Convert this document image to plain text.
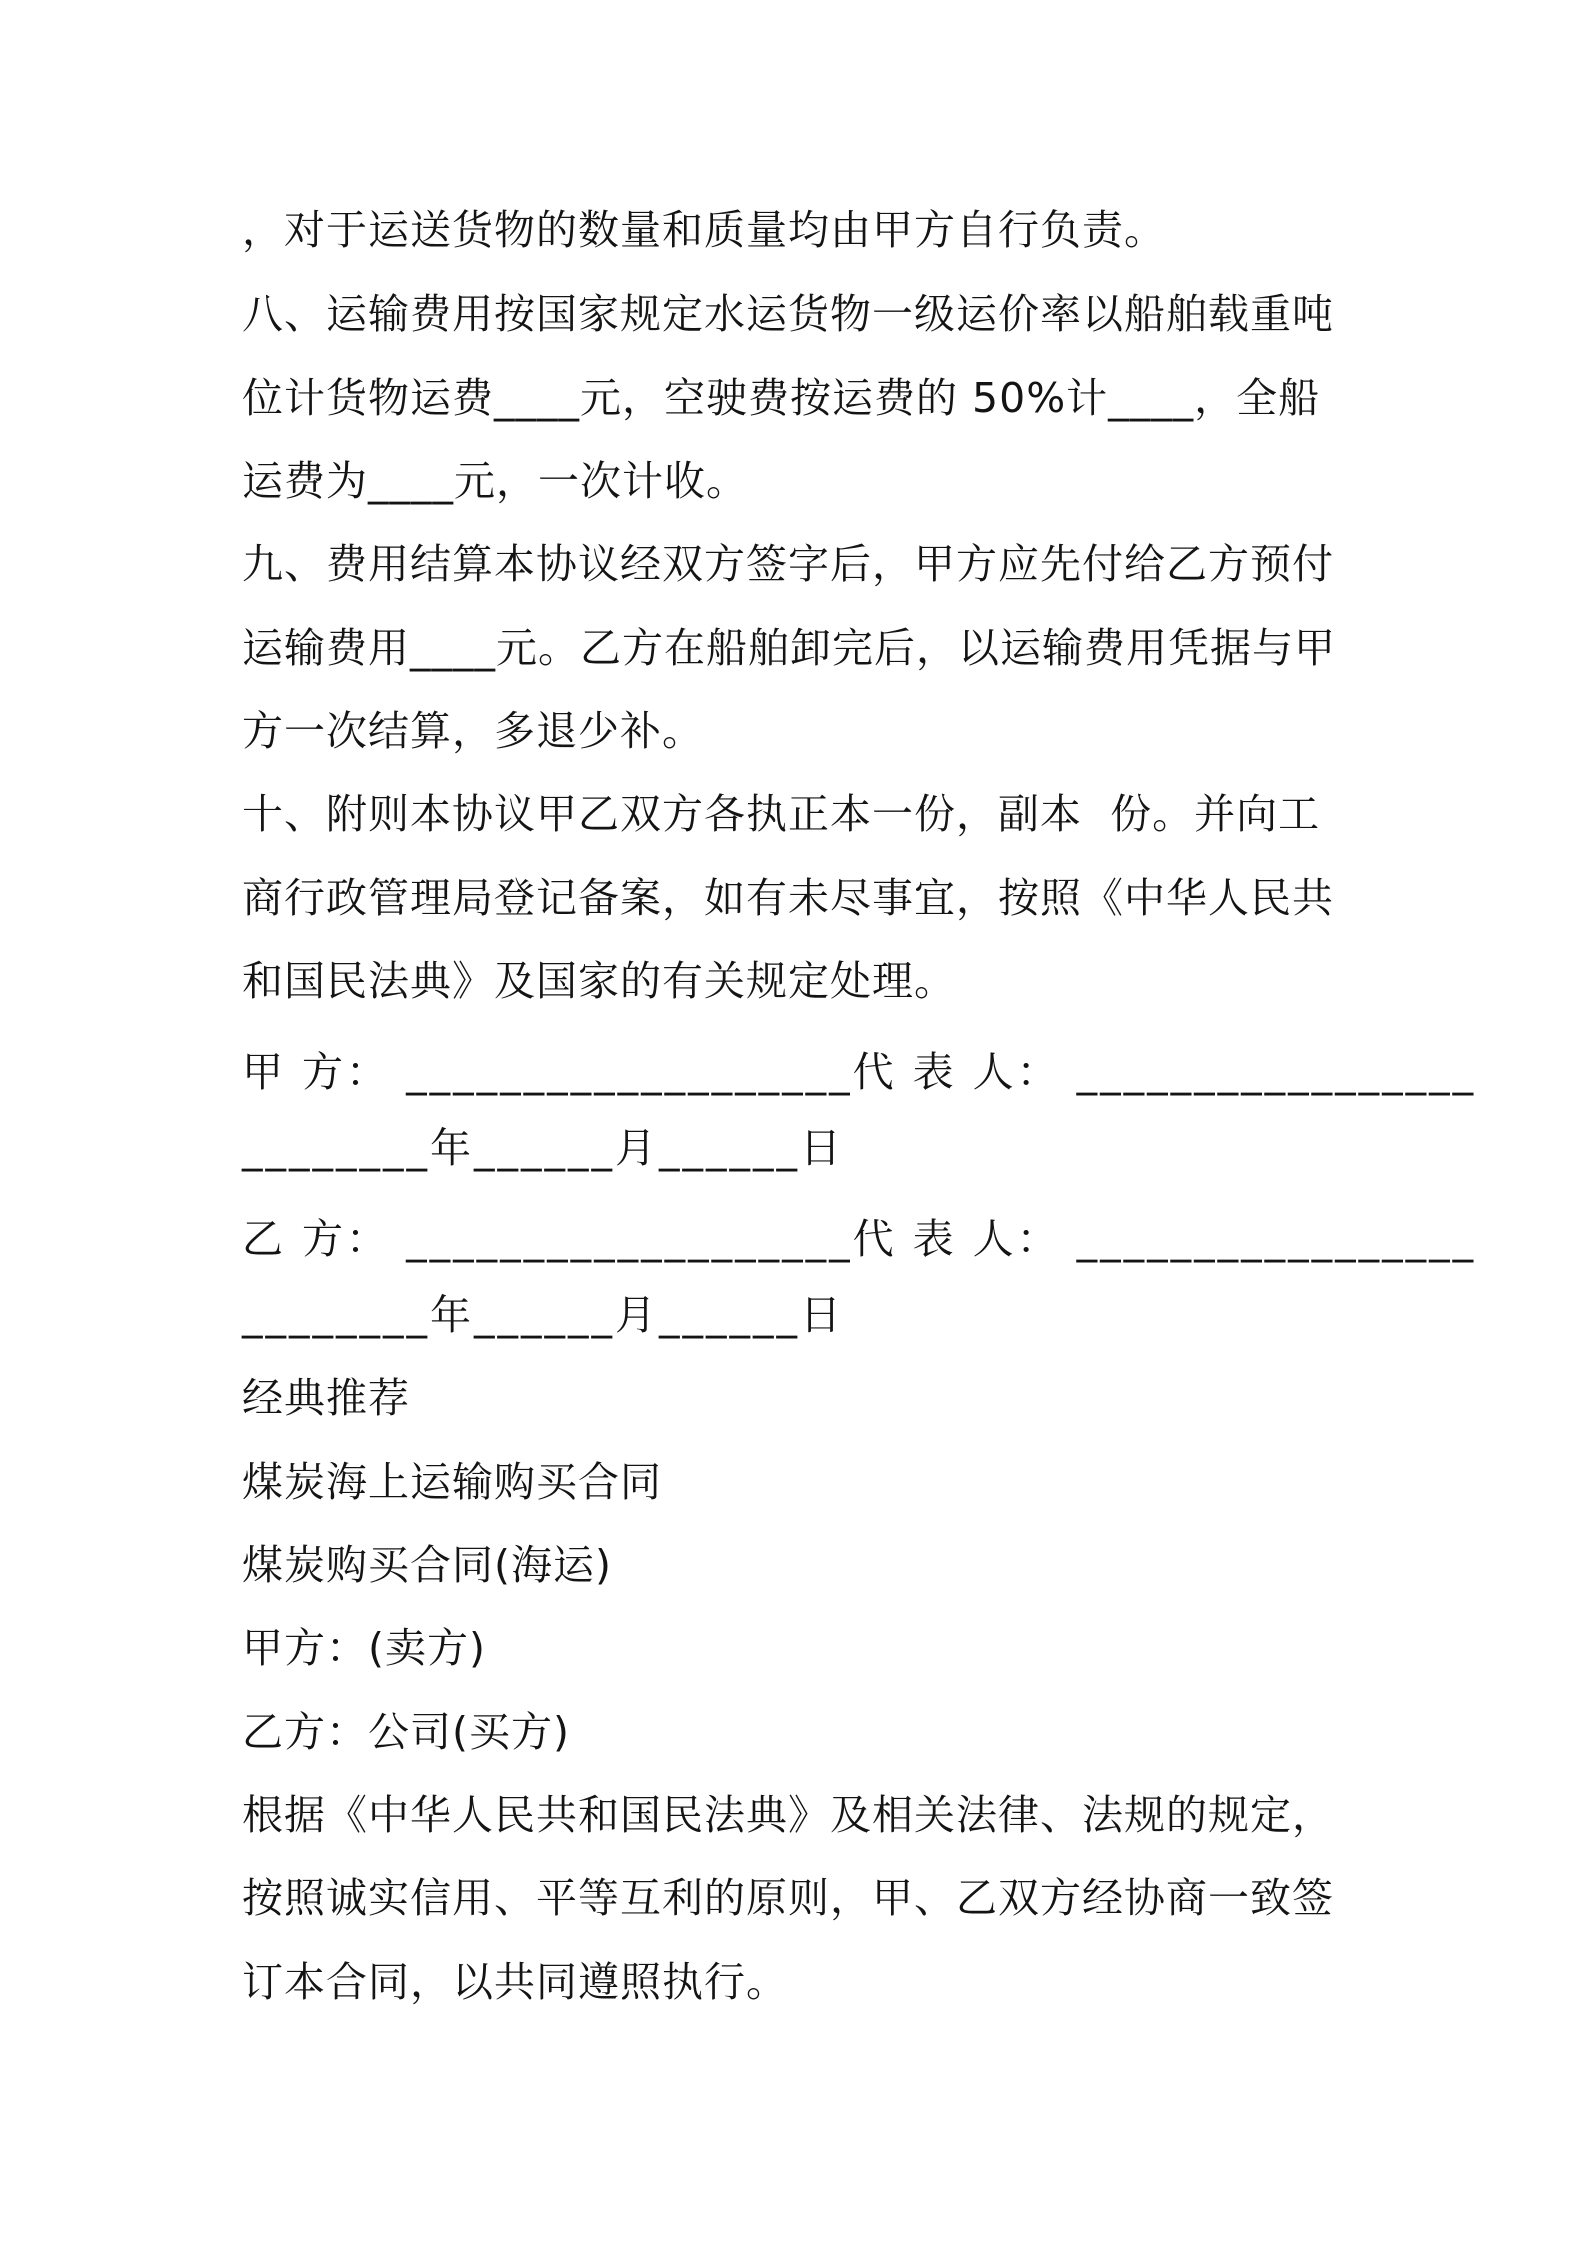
，对于运送货物的数量和质量均由甲方自行负责。
八、运输费用按国家规定水运货物一级运价率以船舶载重吨
位计货物运费____元，空驶费按运费的 50%计____，全船
运费为____元，一次计收。
九、费用结算本协议经双方签字后，甲方应先付给乙方预付
运输费用____元。乙方在船舶卸完后，以运输费用凭据与甲
方一次结算，多退少补。
十、附则本协议甲乙双方各执正本一份，副本  份。并向工
商行政管理局登记备案，如有未尽事宜，按照《中华人民共
和国民法典》及国家的有关规定处理。
甲 方： ___________________代 表 人： _________________
________年______月______日
乙 方： ___________________代 表 人： _________________
________年______月______日
经典推荐
煤炭海上运输购买合同
煤炭购买合同(海运)
甲方：(卖方)
乙方：公司(买方)
根据《中华人民共和国民法典》及相关法律、法规的规定，
按照诚实信用、平等互利的原则，甲、乙双方经协商一致签
订本合同，以共同遵照执行。
